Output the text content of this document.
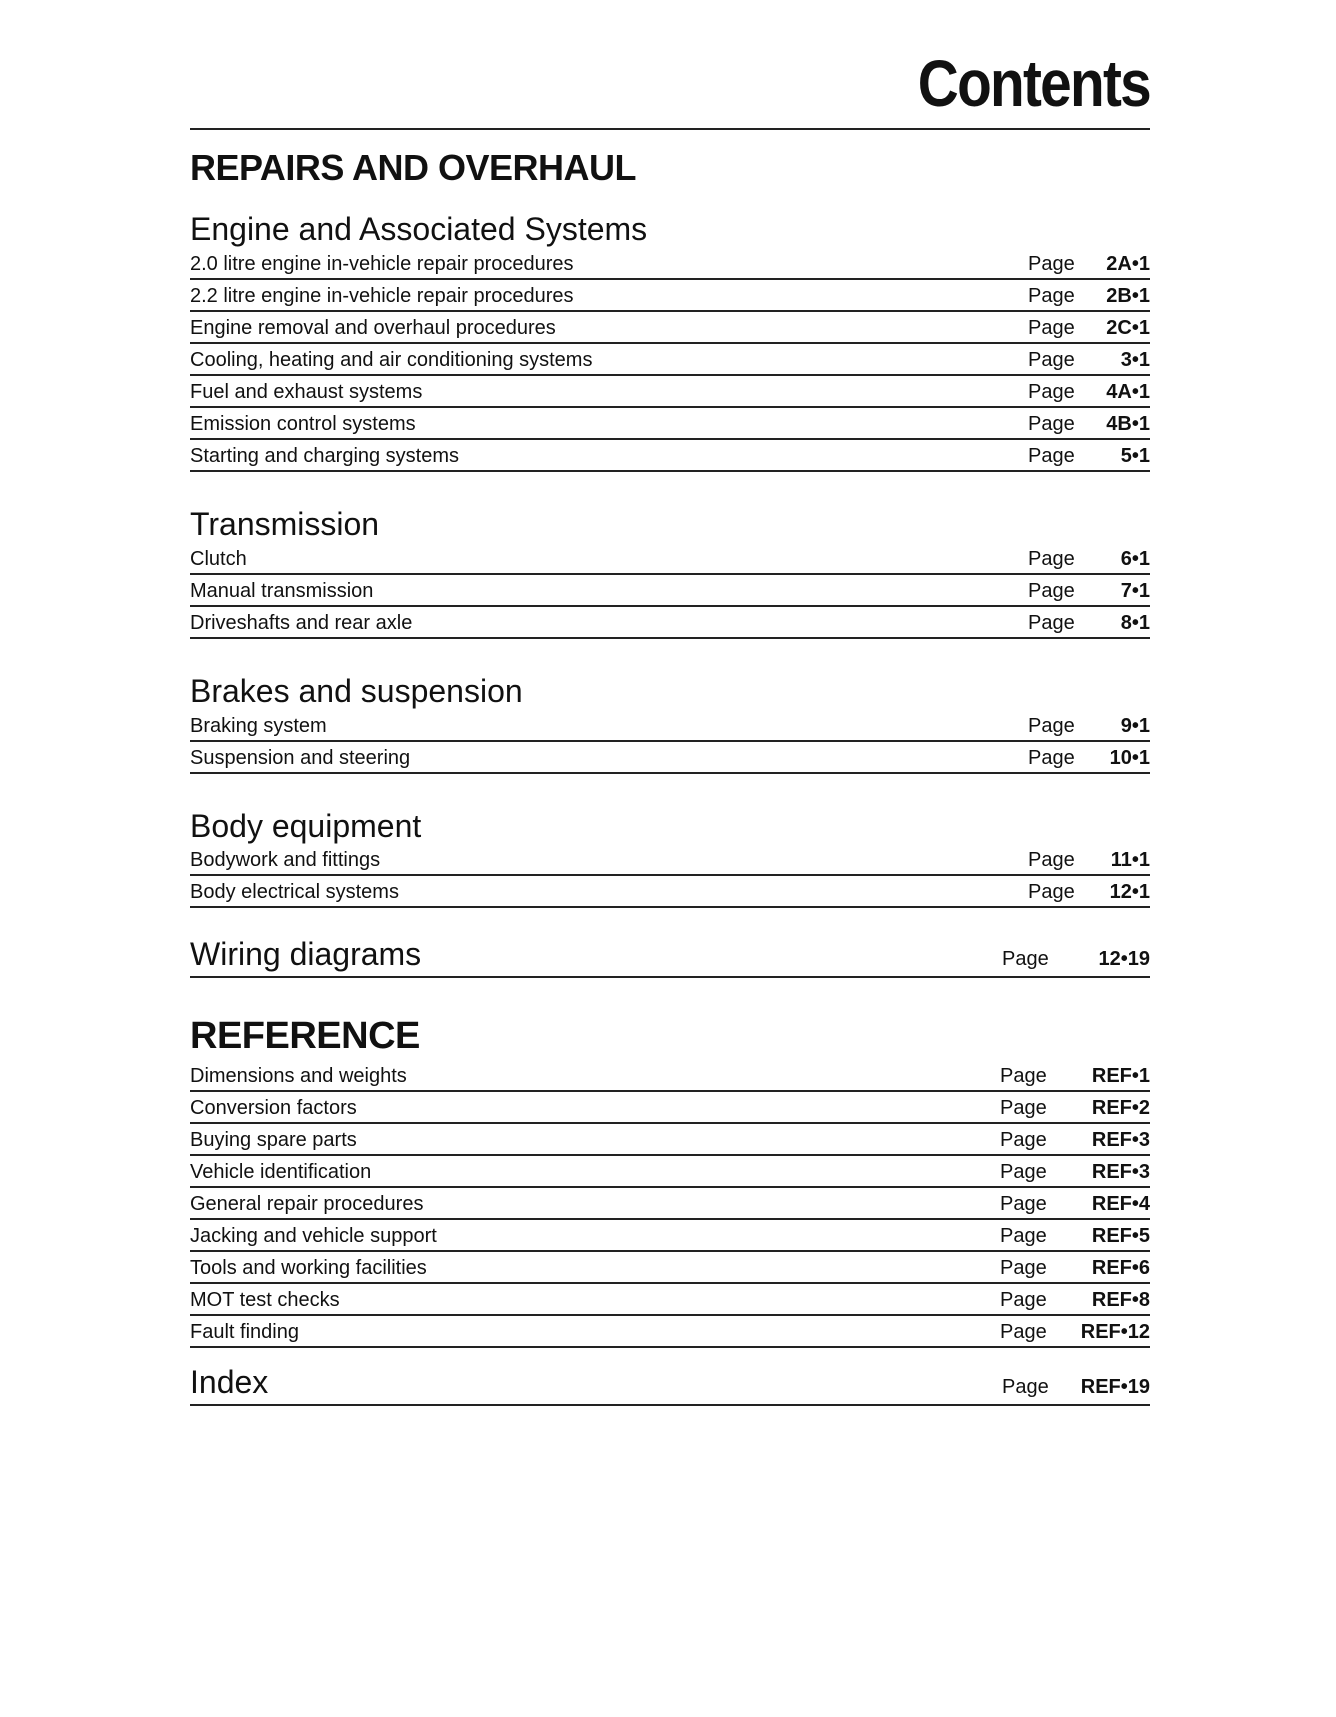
Contents
REPAIRS AND OVERHAUL
Engine and Associated Systems
2.0 litre engine in-vehicle repair procedures	Page	2A•1
2.2 litre engine in-vehicle repair procedures	Page	2B•1
Engine removal and overhaul procedures	Page	2C•1
Cooling, heating and air conditioning systems	Page	3•1
Fuel and exhaust systems	Page	4A•1
Emission control systems	Page	4B•1
Starting and charging systems	Page	5•1
Transmission
Clutch	Page	6•1
Manual transmission	Page	7•1
Driveshafts and rear axle	Page	8•1
Brakes and suspension
Braking system	Page	9•1
Suspension and steering	Page	10•1
Body equipment
Bodywork and fittings	Page	11•1
Body electrical systems	Page	12•1
Wiring diagrams	Page	12•19
REFERENCE
Dimensions and weights	Page	REF•1
Conversion factors	Page	REF•2
Buying spare parts	Page	REF•3
Vehicle identification	Page	REF•3
General repair procedures	Page	REF•4
Jacking and vehicle support	Page	REF•5
Tools and working facilities	Page	REF•6
MOT test checks	Page	REF•8
Fault finding	Page	REF•12
Index	Page	REF•19
